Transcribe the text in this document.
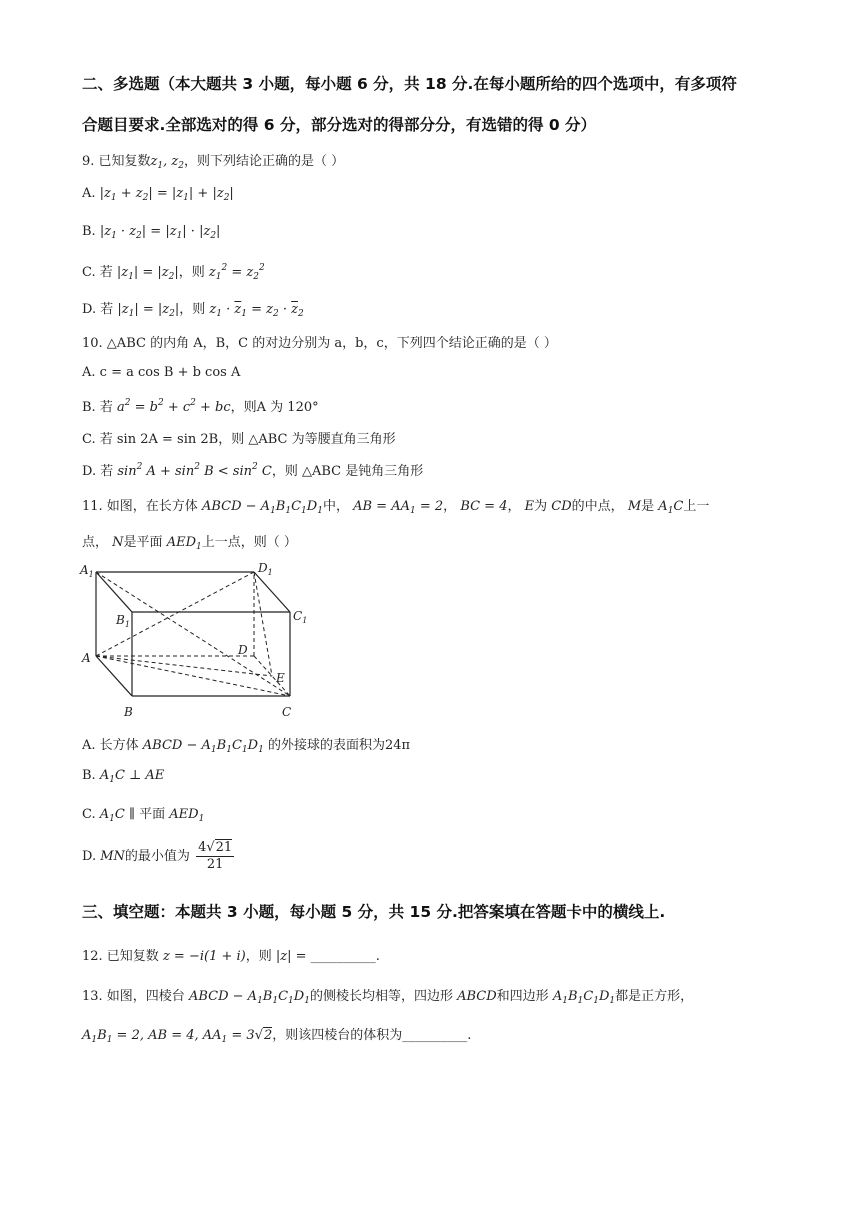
二、多选题（本大题共 3 小题，每小题 6 分，共 18 分.在每小题所给的四个选项中，有多项符
合题目要求.全部选对的得 6 分，部分选对的得部分分，有选错的得 0 分）
9. 已知复数$z_1$, $z_2$，则下列结论正确的是（ ）
A. $|z_1 + z_2| = |z_1| + |z_2|$
B. $|z_1 \cdot z_2| = |z_1| \cdot |z_2|$
C. 若 $|z_1| = |z_2|$，则 $z_1^2 = z_2^2$
D. 若 $|z_1| = |z_2|$，则 $z_1 \cdot \overline{z}_1 = z_2 \cdot \overline{z}_2$
10. △ABC 的内角 A，B，C 的对边分别为 a，b，c，下列四个结论正确的是（ ）
A. c = a cos B + b cos A
B. 若 $a^2 = b^2 + c^2$ + bc，则A 为 120°
C. 若 sin 2A = sin 2B，则 △ABC 为等腰直角三角形
D. 若 $\sin^2 A + \sin^2 B < \sin^2 C$，则 △ABC 是钝角三角形
11. 如图，在长方体 ABCD − $A_1B_1C_1D_1$中， AB = $AA_1 = 2$， BC = 4， E为 CD的中点， M是 $A_1C$上一
点， N是平面 $AED_1$上一点，则（ ）
$A_1$	$D_1$
$B_1$
$C_1$
A
D
E
B	C
A. 长方体 ABCD − $A_1B_1C_1D_1$ 的外接球的表面积为24π
B. $A_1C$ ⊥ AE
C. $A_1C$ ∥ 平面 $AED_1$
D. MN的最小值为 $\frac{4√21}{21}$
三、填空题：本题共 3 小题，每小题 5 分，共 15 分.把答案填在答题卡中的横线上.
12. 已知复数 z = −i(1 + i)，则 |z| = __________.
13. 如图，四棱台 ABCD − $A_1B_1C_1D_1$的侧棱长均相等，四边形 ABCD和四边形 $A_1B_1C_1D_1$都是正方形，
$A_1B_1 = 2$, AB = 4, $AA_1 = 3√2$，则该四棱台的体积为__________.
